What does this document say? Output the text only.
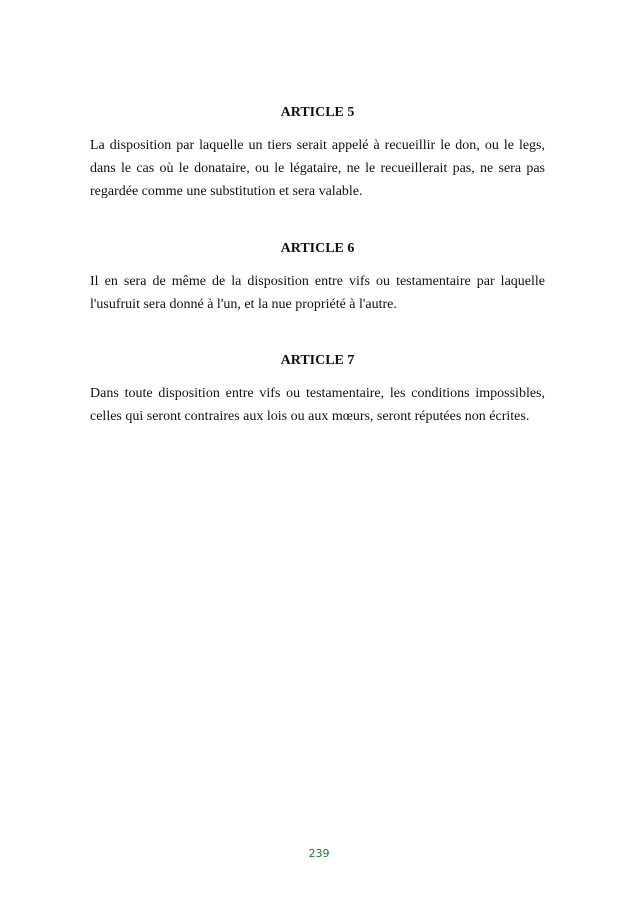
ARTICLE 5

La disposition par laquelle un tiers serait appelé à recueillir le don, ou le legs, dans le cas où le donataire, ou le légataire, ne le recueillerait pas, ne sera pas regardée comme une substitution et sera valable.

ARTICLE 6

Il en sera de même de la disposition entre vifs ou testamentaire par laquelle l'usufruit sera donné à l'un, et la nue propriété à l'autre.

ARTICLE 7

Dans toute disposition entre vifs ou testamentaire, les conditions impossibles, celles qui seront contraires aux lois ou aux mœurs, seront réputées non écrites.

239
